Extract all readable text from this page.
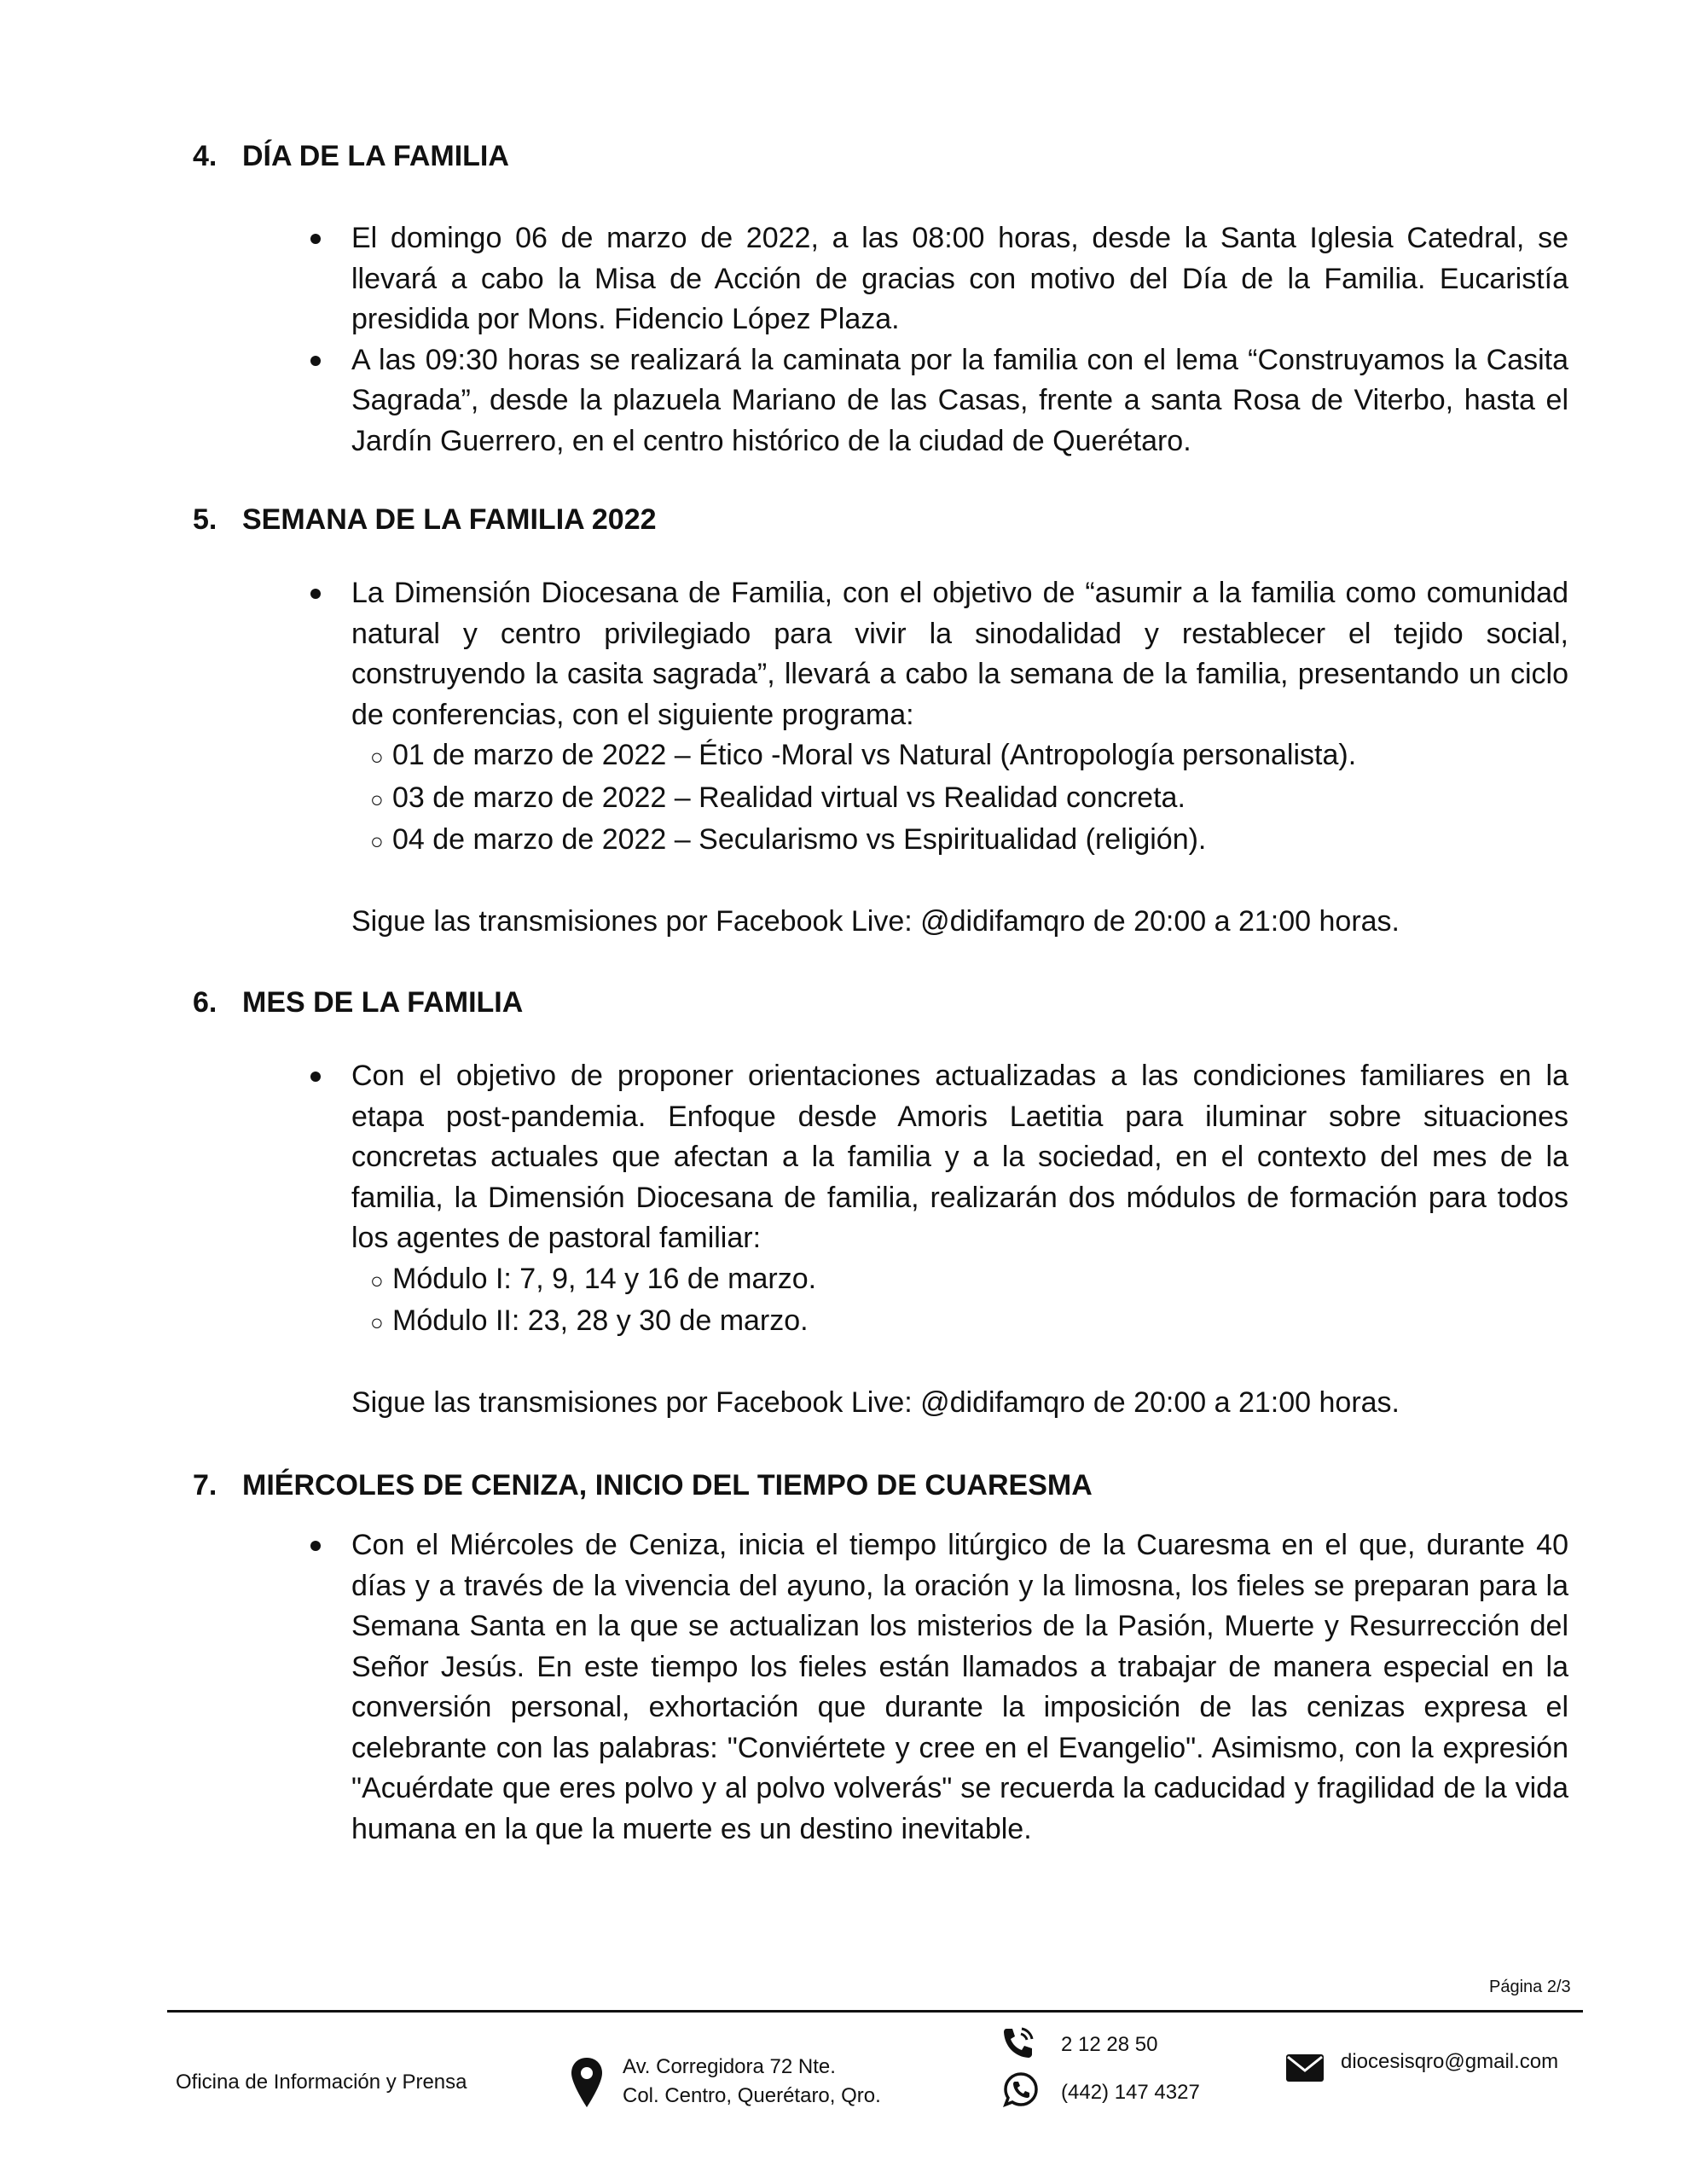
4. DÍA DE LA FAMILIA

El domingo 06 de marzo de 2022, a las 08:00 horas, desde la Santa Iglesia Catedral, se llevará a cabo la Misa de Acción de gracias con motivo del Día de la Familia. Eucaristía presidida por Mons. Fidencio López Plaza.

A las 09:30 horas se realizará la caminata por la familia con el lema “Construyamos la Casita Sagrada”, desde la plazuela Mariano de las Casas, frente a santa Rosa de Viterbo, hasta el Jardín Guerrero, en el centro histórico de la ciudad de Querétaro.

5. SEMANA DE LA FAMILIA 2022

La Dimensión Diocesana de Familia, con el objetivo de “asumir a la familia como comunidad natural y centro privilegiado para vivir la sinodalidad y restablecer el tejido social, construyendo la casita sagrada”, llevará a cabo la semana de la familia, presentando un ciclo de conferencias, con el siguiente programa:

○ 01 de marzo de 2022 – Ético -Moral vs Natural (Antropología personalista).
○ 03 de marzo de 2022 – Realidad virtual vs Realidad concreta.
○ 04 de marzo de 2022 – Secularismo vs Espiritualidad (religión).

Sigue las transmisiones por Facebook Live: @didifamqro de 20:00 a 21:00 horas.

6. MES DE LA FAMILIA

Con el objetivo de proponer orientaciones actualizadas a las condiciones familiares en la etapa post-pandemia. Enfoque desde Amoris Laetitia para iluminar sobre situaciones concretas actuales que afectan a la familia y a la sociedad, en el contexto del mes de la familia, la Dimensión Diocesana de familia, realizarán dos módulos de formación para todos los agentes de pastoral familiar:

○ Módulo I: 7, 9, 14 y 16 de marzo.
○ Módulo II: 23, 28 y 30 de marzo.

Sigue las transmisiones por Facebook Live: @didifamqro de 20:00 a 21:00 horas.

7. MIÉRCOLES DE CENIZA, INICIO DEL TIEMPO DE CUARESMA

Con el Miércoles de Ceniza, inicia el tiempo litúrgico de la Cuaresma en el que, durante 40 días y a través de la vivencia del ayuno, la oración y la limosna, los fieles se preparan para la Semana Santa en la que se actualizan los misterios de la Pasión, Muerte y Resurrección del Señor Jesús. En este tiempo los fieles están llamados a trabajar de manera especial en la conversión personal, exhortación que durante la imposición de las cenizas expresa el celebrante con las palabras: "Conviértete y cree en el Evangelio". Asimismo, con la expresión "Acuérdate que eres polvo y al polvo volverás" se recuerda la caducidad y fragilidad de la vida humana en la que la muerte es un destino inevitable.

Página 2/3
Oficina de Información y Prensa
Av. Corregidora 72 Nte.
Col. Centro, Querétaro, Qro.
2 12 28 50
(442) 147 4327
diocesisqro@gmail.com
